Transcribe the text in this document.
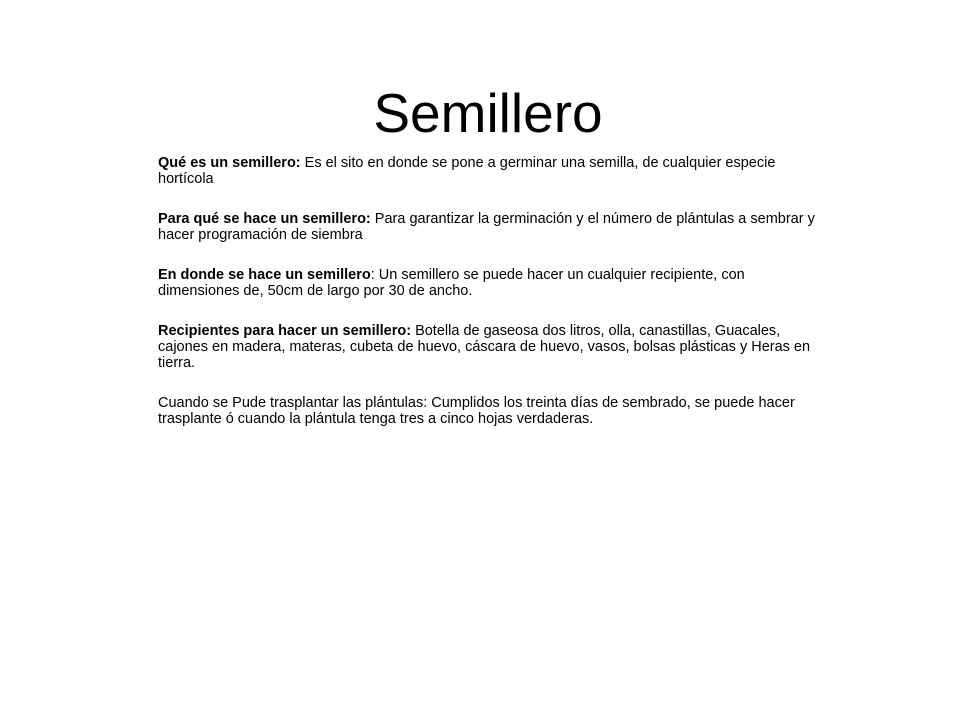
Semillero

Qué es un semillero: Es el sito en donde se pone a germinar una semilla, de cualquier especie hortícola

Para qué se hace un semillero: Para garantizar la germinación y el número de plántulas a sembrar y hacer programación de siembra

En donde se hace un semillero: Un semillero se puede hacer un cualquier recipiente, con dimensiones de, 50cm de largo por 30 de ancho.

Recipientes para hacer un semillero: Botella de gaseosa dos litros, olla, canastillas, Guacales, cajones en madera, materas, cubeta de huevo, cáscara de huevo, vasos, bolsas plásticas y Heras en tierra.

Cuando se Pude trasplantar las plántulas: Cumplidos los treinta días de sembrado, se puede hacer trasplante ó cuando la plántula tenga tres a cinco hojas verdaderas.
